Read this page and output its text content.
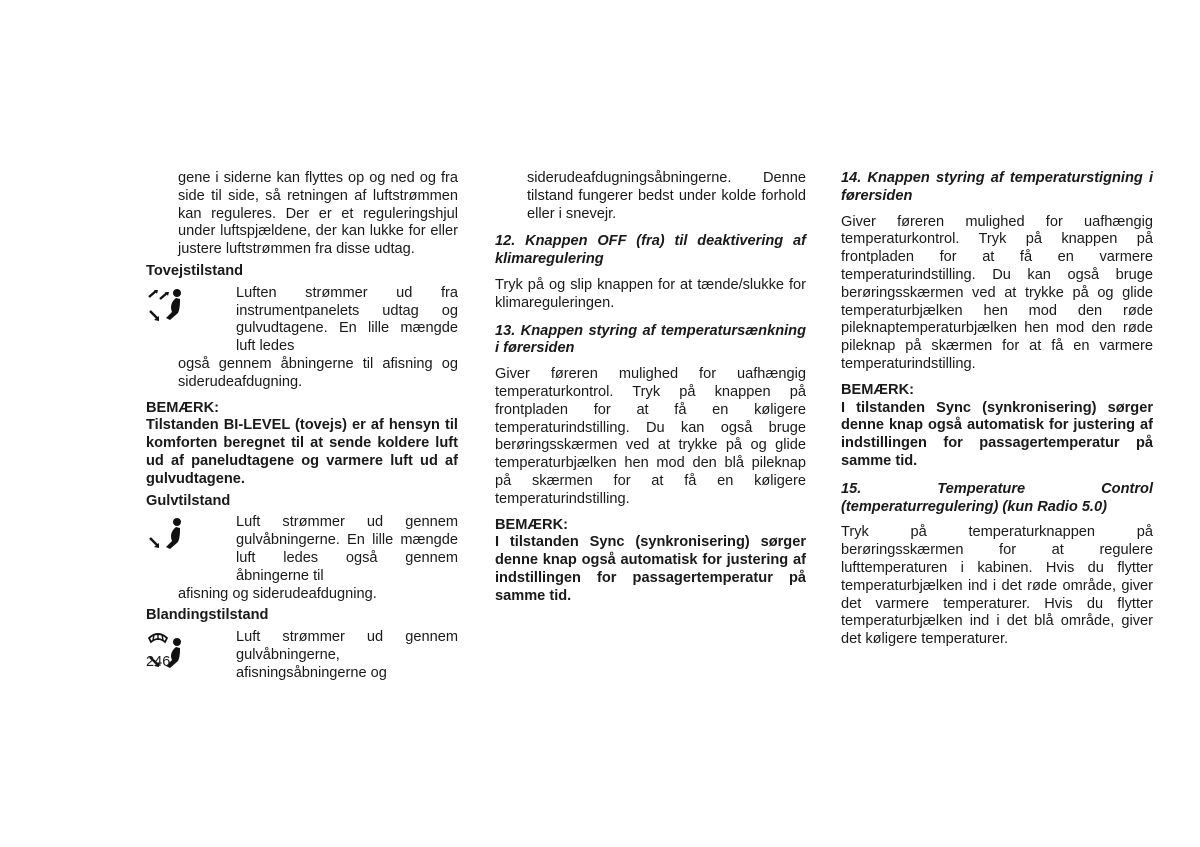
gene i siderne kan flyttes op og ned og fra side til side, så retningen af luftstrømmen kan reguleres. Der er et reguleringshjul under luftspjældene, der kan lukke for eller justere luftstrømmen fra disse udtag.

Tovejstilstand

Luften strømmer ud fra instrumentpanelets udtag og gulvudtagene. En lille mængde luft ledes

også gennem åbningerne til afisning og siderudeafdugning.

BEMÆRK:

Tilstanden BI-LEVEL (tovejs) er af hensyn til komforten beregnet til at sende koldere luft ud af paneludtagene og varmere luft ud af gulvudtagene.

Gulvtilstand

Luft strømmer ud gennem gulvåbningerne. En lille mængde luft ledes også gennem åbningerne til

afisning og siderudeafdugning.

Blandingstilstand

Luft strømmer ud gennem gulvåbningerne, afisningsåbningerne og

siderudeafdugningsåbningerne. Denne tilstand fungerer bedst under kolde forhold eller i snevejr.

12. Knappen OFF (fra) til deaktivering af klimaregulering

Tryk på og slip knappen for at tænde/slukke for klimareguleringen.

13. Knappen styring af temperatursænkning i førersiden

Giver føreren mulighed for uafhængig temperaturkontrol. Tryk på knappen på frontpladen for at få en køligere temperaturindstilling. Du kan også bruge berøringsskærmen ved at trykke på og glide temperaturbjælken hen mod den blå pileknap på skærmen for at få en køligere temperaturindstilling.

BEMÆRK:

I tilstanden Sync (synkronisering) sørger denne knap også automatisk for justering af indstillingen for passagertemperatur på samme tid.

14. Knappen styring af temperaturstigning i førersiden

Giver føreren mulighed for uafhængig temperaturkontrol. Tryk på knappen på frontpladen for at få en varmere temperaturindstilling. Du kan også bruge berøringsskærmen ved at trykke på og glide temperaturbjælken hen mod den røde pileknaptemperaturbjælken hen mod den røde pileknap på skærmen for at få en varmere temperaturindstilling.

BEMÆRK:

I tilstanden Sync (synkronisering) sørger denne knap også automatisk for justering af indstillingen for passagertemperatur på samme tid.

15. Temperature Control (temperaturregulering) (kun Radio 5.0)

Tryk på temperaturknappen på berøringsskærmen for at regulere lufttemperaturen i kabinen. Hvis du flytter temperaturbjælken ind i det røde område, giver det varmere temperaturer. Hvis du flytter temperaturbjælken ind i det blå område, giver det køligere temperaturer.

246
